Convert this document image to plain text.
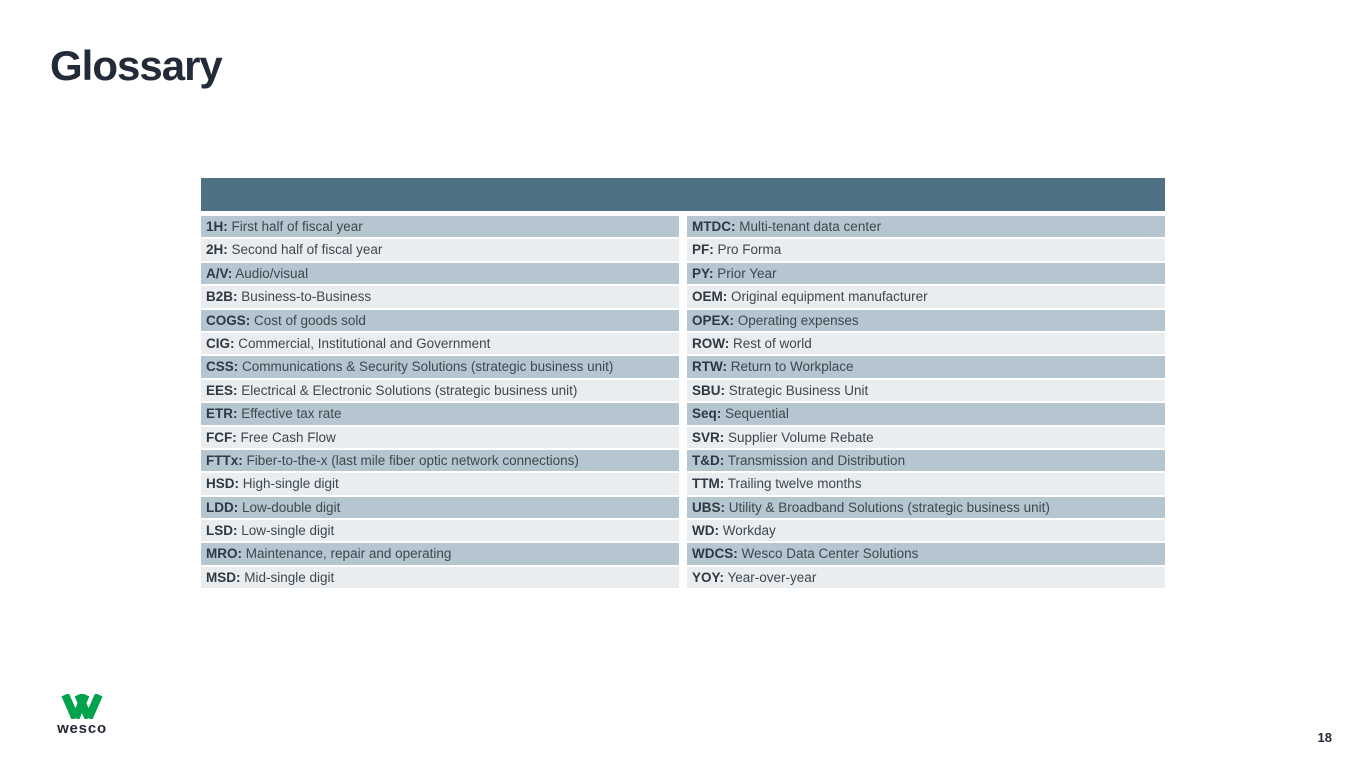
Glossary
1H: First half of fiscal year
2H: Second half of fiscal year
A/V: Audio/visual
B2B: Business-to-Business
COGS: Cost of goods sold
CIG: Commercial, Institutional and Government
CSS: Communications & Security Solutions (strategic business unit)
EES: Electrical & Electronic Solutions (strategic business unit)
ETR: Effective tax rate
FCF: Free Cash Flow
FTTx: Fiber-to-the-x (last mile fiber optic network connections)
HSD: High-single digit
LDD: Low-double digit
LSD: Low-single digit
MRO: Maintenance, repair and operating
MSD: Mid-single digit
MTDC: Multi-tenant data center
PF: Pro Forma
PY: Prior Year
OEM: Original equipment manufacturer
OPEX: Operating expenses
ROW: Rest of world
RTW: Return to Workplace
SBU: Strategic Business Unit
Seq: Sequential
SVR: Supplier Volume Rebate
T&D: Transmission and Distribution
TTM: Trailing twelve months
UBS: Utility & Broadband Solutions (strategic business unit)
WD: Workday
WDCS: Wesco Data Center Solutions
YOY: Year-over-year
wesco
18
